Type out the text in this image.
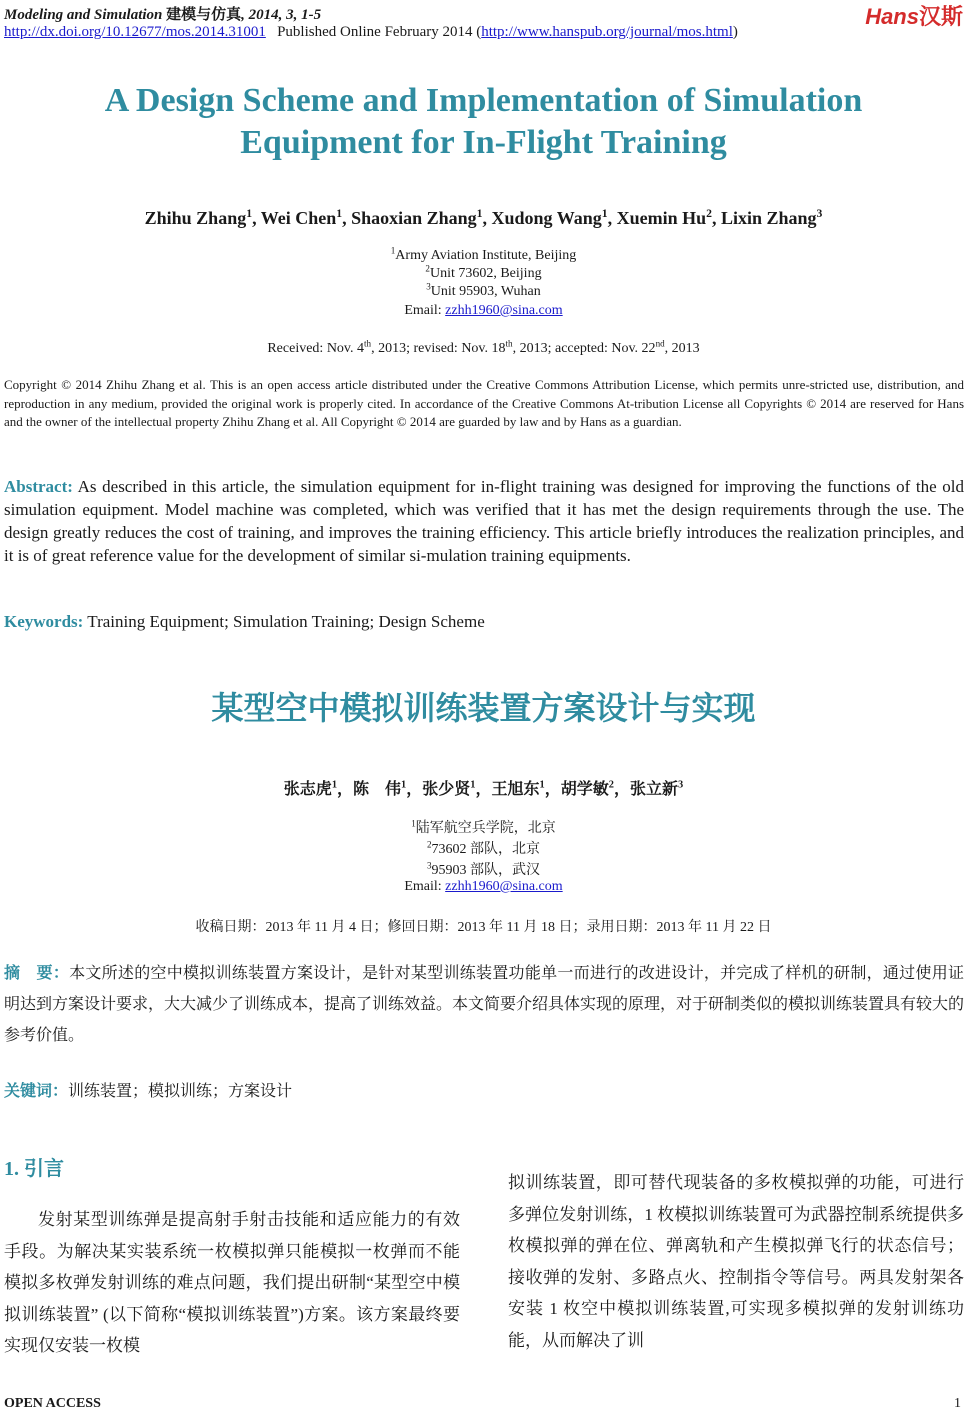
Modeling and Simulation 建模与仿真, 2014, 3, 1-5
http://dx.doi.org/10.12677/mos.2014.31001 Published Online February 2014 (http://www.hanspub.org/journal/mos.html)
Hans汉斯
A Design Scheme and Implementation of Simulation
Equipment for In-Flight Training
Zhihu Zhang$^1$, Wei Chen$^1$, Shaoxian Zhang$^1$, Xudong Wang$^1$, Xuemin Hu$^2$, Lixin Zhang$^3$
$^1$Army Aviation Institute, Beijing
$^2$Unit 73602, Beijing
$^3$Unit 95903, Wuhan
Email: zzhh1960@sina.com
Received: Nov. 4th, 2013; revised: Nov. 18th, 2013; accepted: Nov. 22nd, 2013
Copyright © 2014 Zhihu Zhang et al. This is an open access article distributed under the Creative Commons Attribution License, which permits unre-stricted use, distribution, and reproduction in any medium, provided the original work is properly cited. In accordance of the Creative Commons At-tribution License all Copyrights © 2014 are reserved for Hans and the owner of the intellectual property Zhihu Zhang et al. All Copyright © 2014 are guarded by law and by Hans as a guardian.
Abstract: As described in this article, the simulation equipment for in-flight training was designed for improving the functions of the old simulation equipment. Model machine was completed, which was verified that it has met the design requirements through the use. The design greatly reduces the cost of training, and improves the training efficiency. This article briefly introduces the realization principles, and it is of great reference value for the development of similar si-mulation training equipments.
Keywords: Training Equipment; Simulation Training; Design Scheme
某型空中模拟训练装置方案设计与实现
张志虎$^1$，陈　伟$^1$，张少贤$^1$，王旭东$^1$，胡学敏$^2$，张立新$^3$
$^1$陆军航空兵学院，北京
$^2$73602 部队，北京
$^3$95903 部队，武汉
Email: zzhh1960@sina.com
收稿日期：2013 年 11 月 4 日；修回日期：2013 年 11 月 18 日；录用日期：2013 年 11 月 22 日
摘　要：本文所述的空中模拟训练装置方案设计，是针对某型训练装置功能单一而进行的改进设计，并完成了样机的研制，通过使用证明达到方案设计要求，大大减少了训练成本，提高了训练效益。本文简要介绍具体实现的原理，对于研制类似的模拟训练装置具有较大的参考价值。
关键词：训练装置；模拟训练；方案设计
1. 引言
发射某型训练弹是提高射手射击技能和适应能力的有效手段。为解决某实装系统一枚模拟弹只能模拟一枚弹而不能模拟多枚弹发射训练的难点问题，我们提出研制“某型空中模拟训练装置” (以下简称“模拟训练装置”)方案。该方案最终要实现仅安装一枚模
拟训练装置，即可替代现装备的多枚模拟弹的功能，可进行多弹位发射训练，1 枚模拟训练装置可为武器控制系统提供多枚模拟弹的弹在位、弹离轨和产生模拟弹飞行的状态信号；接收弹的发射、多路点火、控制指令等信号。两具发射架各安装 1 枚空中模拟训练装置,可实现多模拟弹的发射训练功能，从而解决了训
OPEN ACCESS	1
